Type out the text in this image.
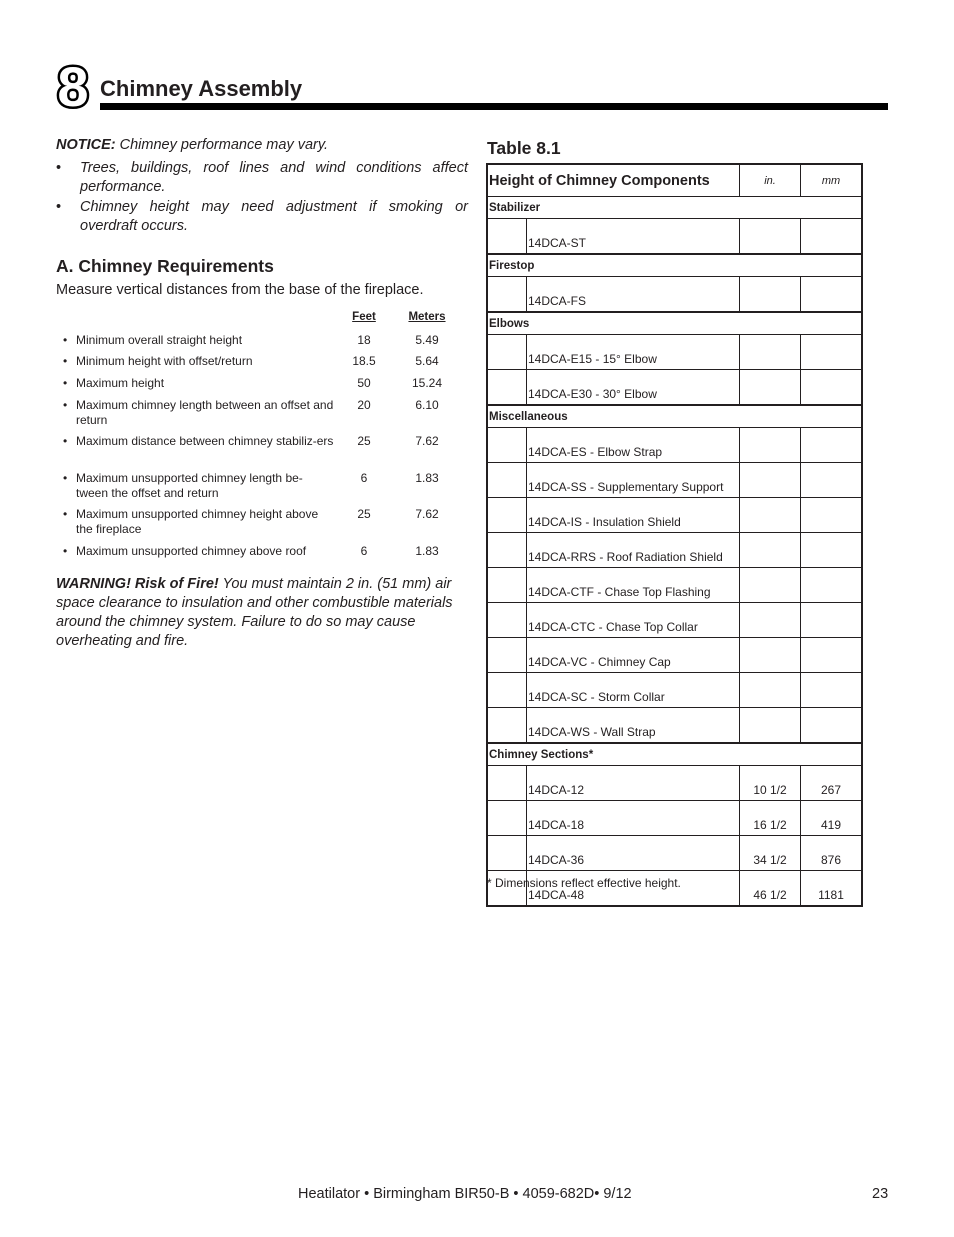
8 Chimney Assembly
NOTICE: Chimney performance may vary.
• Trees, buildings, roof lines and wind conditions affect performance.
• Chimney height may need adjustment if smoking or overdraft occurs.
A. Chimney Requirements
Measure vertical distances from the base of the fireplace.
Feet	Meters
• Minimum overall straight height	18	5.49
• Minimum height with offset/return	18.5	5.64
• Maximum height	50	15.24
• Maximum chimney length between an offset and return
20	6.10
• Maximum distance between chimney stabiliz-ers	25	7.62
• Maximum unsupported chimney length be-tween the offset and return
6	1.83
• Maximum unsupported chimney height above the fireplace
25	7.62
• Maximum unsupported chimney above roof	6	1.83
WARNING! Risk of Fire! You must maintain 2 in. (51 mm) air space clearance to insulation and other combustible materials around the chimney system. Failure to do so may cause overheating and fire.
Table 8.1
Height of Chimney Components		in.	mm
Stabilizer			
	14DCA-ST		
Firestop			
	14DCA-FS		
Elbows			
	14DCA-E15 - 15° Elbow		
	14DCA-E30 - 30° Elbow		
Miscellaneous			
	14DCA-ES - Elbow Strap		
	14DCA-SS - Supplementary Support		
	14DCA-IS - Insulation Shield		
	14DCA-RRS - Roof Radiation Shield		
	14DCA-CTF - Chase Top Flashing		
	14DCA-CTC - Chase Top Collar		
	14DCA-VC - Chimney Cap		
	14DCA-SC - Storm Collar		
	14DCA-WS - Wall Strap		
Chimney Sections*			
	14DCA-12	10 1/2	267
	14DCA-18	16 1/2	419
	14DCA-36	34 1/2	876
	14DCA-48	46 1/2	1181
* Dimensions reflect effective height.
Heatilator • Birmingham BIR50-B • 4059-682D• 9/12	23
